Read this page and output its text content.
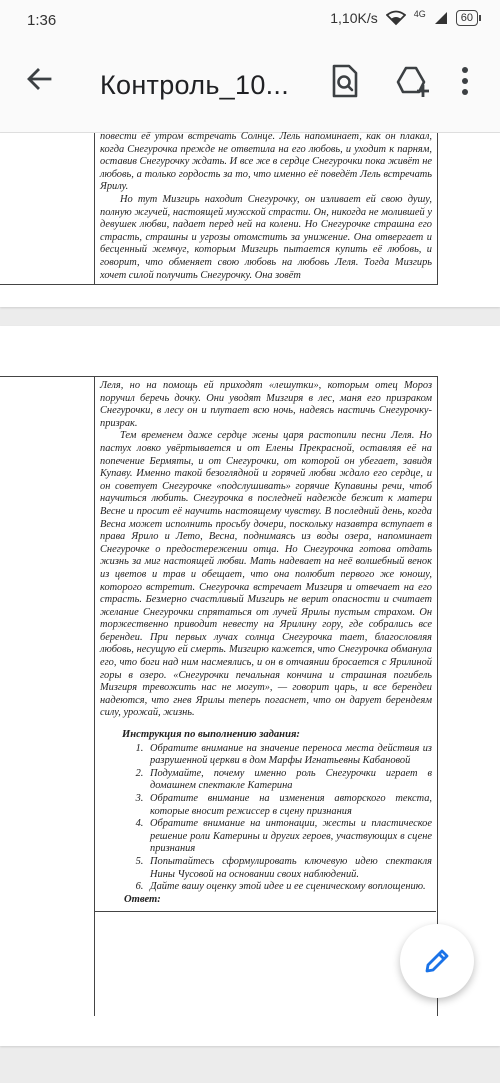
1:36	1,10K/s	4G	60
Контроль_10...

повести её утром встречать Солнце. Лель напоминает, как он плакал, когда Снегурочка прежде не ответила на его любовь, и уходит к парням, оставив Снегурочку ждать. И все же в сердце Снегурочки пока живёт не любовь, а только гордость за то, что именно её поведёт Лель встречать Ярилу.

Но тут Мизгирь находит Снегурочку, он изливает ей свою душу, полную жгучей, настоящей мужской страсти. Он, никогда не молившей у девушек любви, падает перед ней на колени. Но Снегурочке страшна его страсть, страшны и угрозы отомстить за унижение. Она отвергает и бесценный жемчуг, которым Мизгирь пытается купить её любовь, и говорит, что обменяет свою любовь на любовь Леля. Тогда Мизгирь хочет силой получить Снегурочку. Она зовёт

Леля, но на помощь ей приходят «лешутки», которым отец Мороз поручил беречь дочку. Они уводят Мизгиря в лес, маня его призраком Снегурочки, в лесу он и плутает всю ночь, надеясь настичь Снегурочку-призрак.

Тем временем даже сердце жены царя растопили песни Леля. Но пастух ловко увёртывается и от Елены Прекрасной, оставляя её на попечение Бермяты, и от Снегурочки, от которой он убегает, завидя Купаву. Именно такой безоглядной и горячей любви ждало его сердце, и он советует Снегурочке «подслушивать» горячие Купавины речи, чтоб научиться любить. Снегурочка в последней надежде бежит к матери Весне и просит её научить настоящему чувству. В последний день, когда Весна может исполнить просьбу дочери, поскольку назавтра вступает в права Ярило и Лето, Весна, поднимаясь из воды озера, напоминает Снегурочке о предостережении отца. Но Снегурочка готова отдать жизнь за миг настоящей любви. Мать надевает на неё волшебный венок из цветов и трав и обещает, что она полюбит первого же юношу, которого встретит. Снегурочка встречает Мизгиря и отвечает на его страсть. Безмерно счастливый Мизгирь не верит опасности и считает желание Снегурочки спрятаться от лучей Ярилы пустым страхом. Он торжественно приводит невесту на Ярилину гору, где собрались все берендеи. При первых лучах солнца Снегурочка тает, благословляя любовь, несущую ей смерть. Мизгирю кажется, что Снегурочка обманула его, что боги над ним насмеялись, и он в отчаянии бросается с Ярилиной горы в озеро. «Снегурочки печальная кончина и страшная погибель Мизгиря тревожить нас не могут», — говорит царь, и все берендеи надеются, что гнев Ярилы теперь погаснет, что он дарует берендеям силу, урожай, жизнь.

Инструкция по выполнению задания:

1. Обратите внимание на значение переноса места действия из разрушенной церкви в дом Марфы Игнатьевны Кабановой
2. Подумайте, почему именно роль Снегурочки играет в домашнем спектакле Катерина
3. Обратите внимание на изменения авторского текста, которые вносит режиссер в сцену признания
4. Обратите внимание на интонации, жесты и пластическое решение роли Катерины и других героев, участвующих в сцене признания
5. Попытайтесь сформулировать ключевую идею спектакля Нины Чусовой на основании своих наблюдений.
6. Дайте вашу оценку этой идее и ее сценическому воплощению.
Ответ:
